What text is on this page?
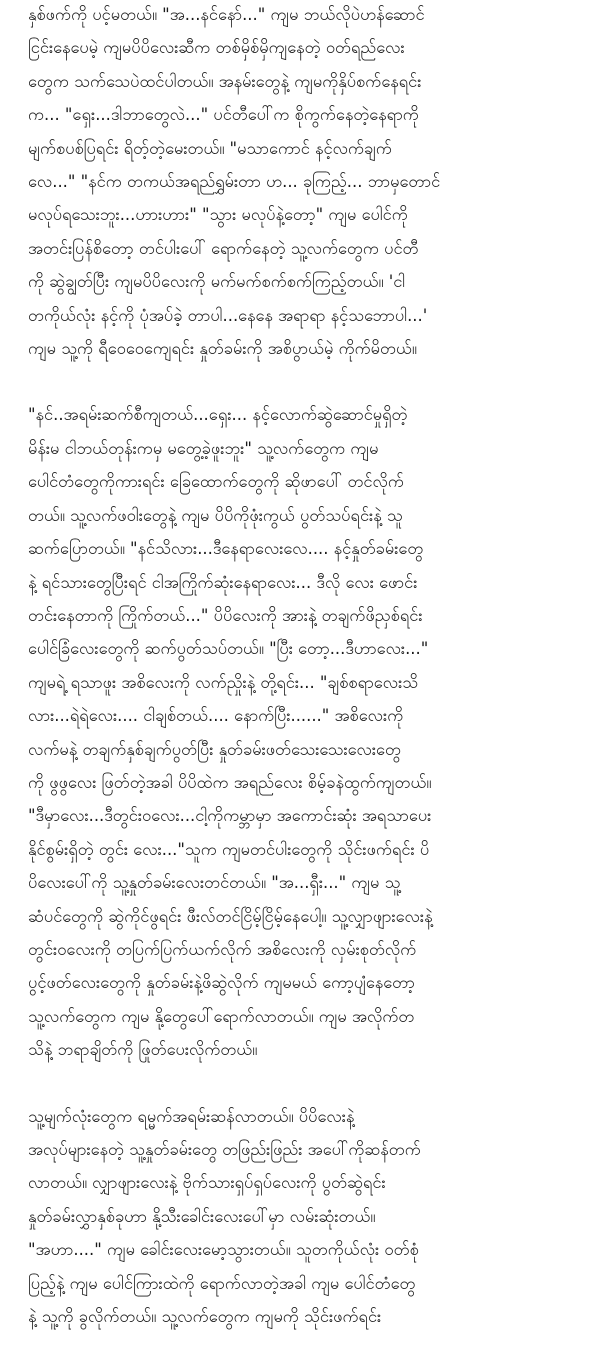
နှစ်ဖက်ကို ပင့်မတယ်။ "အ...နင်နော်..." ကျမ ဘယ်လိုပဲဟန်ဆောင်
ငြင်းနေပေမဲ့ ကျမပိပိလေးဆီက တစ်မှိစ်မှိကျနေတဲ့ ဝတ်ရည်လေး
တွေက သက်သေပဲထင်ပါတယ်။ အနမ်းတွေနဲ့ ကျမကိုနှိပ်စက်နေရင်း
က... "ရှေး...ဒါဘာတွေလဲ..." ပင်တီပေါ်က စိုကွက်နေတဲ့နေရာကို
မျက်စပစ်ပြရင်း ရိတ့်တဲ့မေးတယ်။ "မသာကောင် နင့်လက်ချက်
လေ..." "နင်က တကယ်အရည်ရွှမ်းတာ ဟ... ခုကြည့်... ဘာမှတောင်
မလုပ်ရသေးဘူး...ဟားဟား" "သွား မလုပ်နဲ့တော့" ကျမ ပေါင်ကို
အတင်းပြန်စိတော့ တင်ပါးပေါ် ရောက်နေတဲ့ သူ့လက်တွေက ပင်တီ
ကို ဆွဲချွတ်ပြီး ကျမပိပိလေးကို မက်မက်စက်စက်ကြည့်တယ်။ 'ငါ
တကိုယ်လုံး နင့်ကို ပုံအပ်ခဲ့ တာပါ...နေနေ အရာရာ နင့်သဘောပါ...'
ကျမ သူ့ကို ရီဝေဝေကျေရင်း နှုတ်ခမ်းကို အစိပွာယ်မဲ့ ကိုက်မိတယ်။

"နင်..အရမ်းဆက်စီကျတယ်...ရှေး... နင့်လောက်ဆွဲဆောင်မှုရှိတဲ့
မိန်းမ ငါဘယ်တုန်းကမှ မတွေ့ခဲ့ဖူးဘူး" သူ့လက်တွေက ကျမ
ပေါင်တံတွေကိုကားရင်း ခြေထောက်တွေကို ဆိုဖာပေါ် တင်လိုက်
တယ်။ သူ့လက်ဖဝါးတွေနဲ့ ကျမ ပိပိကိုဖုံးကွယ် ပွတ်သပ်ရင်းနဲ့ သူ
ဆက်ပြောတယ်။ "နင်သိလား...ဒီနေရာလေးလေ.... နင့်နှုတ်ခမ်းတွေ
နဲ့ ရင်သားတွေပြီးရင် ငါအကြိုက်ဆုံးနေရာလေး... ဒီလို လေး ဖောင်း
တင်းနေတာကို ကြိုက်တယ်..." ပိပိလေးကို အားနဲ့ တချက်ဖိညှစ်ရင်း
ပေါင်ခြံလေးတွေကို ဆက်ပွတ်သပ်တယ်။ "ပြီး တော့...ဒီဟာလေး..."
ကျမရဲ့ ရသာဖူး အစိလေးကို လက်ညှိုးနဲ့ တို့ရင်း... "ချစ်စရာလေးသိ
လား...ရဲရဲလေး.... ငါချစ်တယ်.... နောက်ပြီး......" အစိလေးကို
လက်မနဲ့ တချက်နှစ်ချက်ပွတ်ပြီး နှုတ်ခမ်းဖတ်သေးသေးလေးတွေ
ကို ဖွဖွလေး ဖြတ်တဲ့အခါ ပိပိထဲက အရည်လေး စိမ့်ခနဲထွက်ကျတယ်။
"ဒီမှာလေး...ဒီတွင်းဝလေး...ငါ့ကိုကမ္ဘာမှာ အကောင်းဆုံး အရသာပေး
နိုင်စွမ်းရှိတဲ့ တွင်း လေး..."သူက ကျမတင်ပါးတွေကို သိုင်းဖက်ရင်း ပိ
ပိလေးပေါ်ကို သူ့နှုတ်ခမ်းလေးတင်တယ်။ "အ...ရှီး..." ကျမ သူ့
ဆံပင်တွေကို ဆွဲကိုင်ဖွရင်း ဖီးလ်တင်ငြိမ့်ငြိမ့်နေပေါ့။ သူ့လျှာဖျားလေးနဲ့
တွင်းဝလေးကို တပြက်ပြက်ယက်လိုက် အစိလေးကို လှမ်းစုတ်လိုက်
ပွင့်ဖတ်လေးတွေကို နှုတ်ခမ်းနဲ့ဖိဆွဲလိုက် ကျမမယ် ကော့ပျံနေတော့
သူ့လက်တွေက ကျမ နို့တွေပေါ်ရောက်လာတယ်။ ကျမ အလိုက်တ
သိနဲ့ ဘရာချိတ်ကို ဖြုတ်ပေးလိုက်တယ်။

သူ့မျက်လုံးတွေက ရမ္မက်အရမ်းဆန်လာတယ်။ ပိပိလေးနဲ့
အလုပ်များနေတဲ့ သူ့နှုတ်ခမ်းတွေ တဖြည်းဖြည်း အပေါ်ကိုဆန်တက်
လာတယ်။ လျှာဖျားလေးနဲ့ ဗိုက်သားရှပ်ရှပ်လေးကို ပွတ်ဆွဲရင်း
နှုတ်ခမ်းလွှာနှစ်ခုဟာ နို့သီးခေါင်းလေးပေါ်မှာ လမ်းဆုံးတယ်။
"အဟာ...." ကျမ ခေါင်းလေးမော့သွားတယ်။ သူတကိုယ်လုံး ဝတ်စုံ
ပြည့်နဲ့ ကျမ ပေါင်ကြားထဲကို ရောက်လာတဲ့အခါ ကျမ ပေါင်တံတွေ
နဲ့ သူ့ကို ခွလိုက်တယ်။ သူ့လက်တွေက ကျမကို သိုင်းဖက်ရင်း
